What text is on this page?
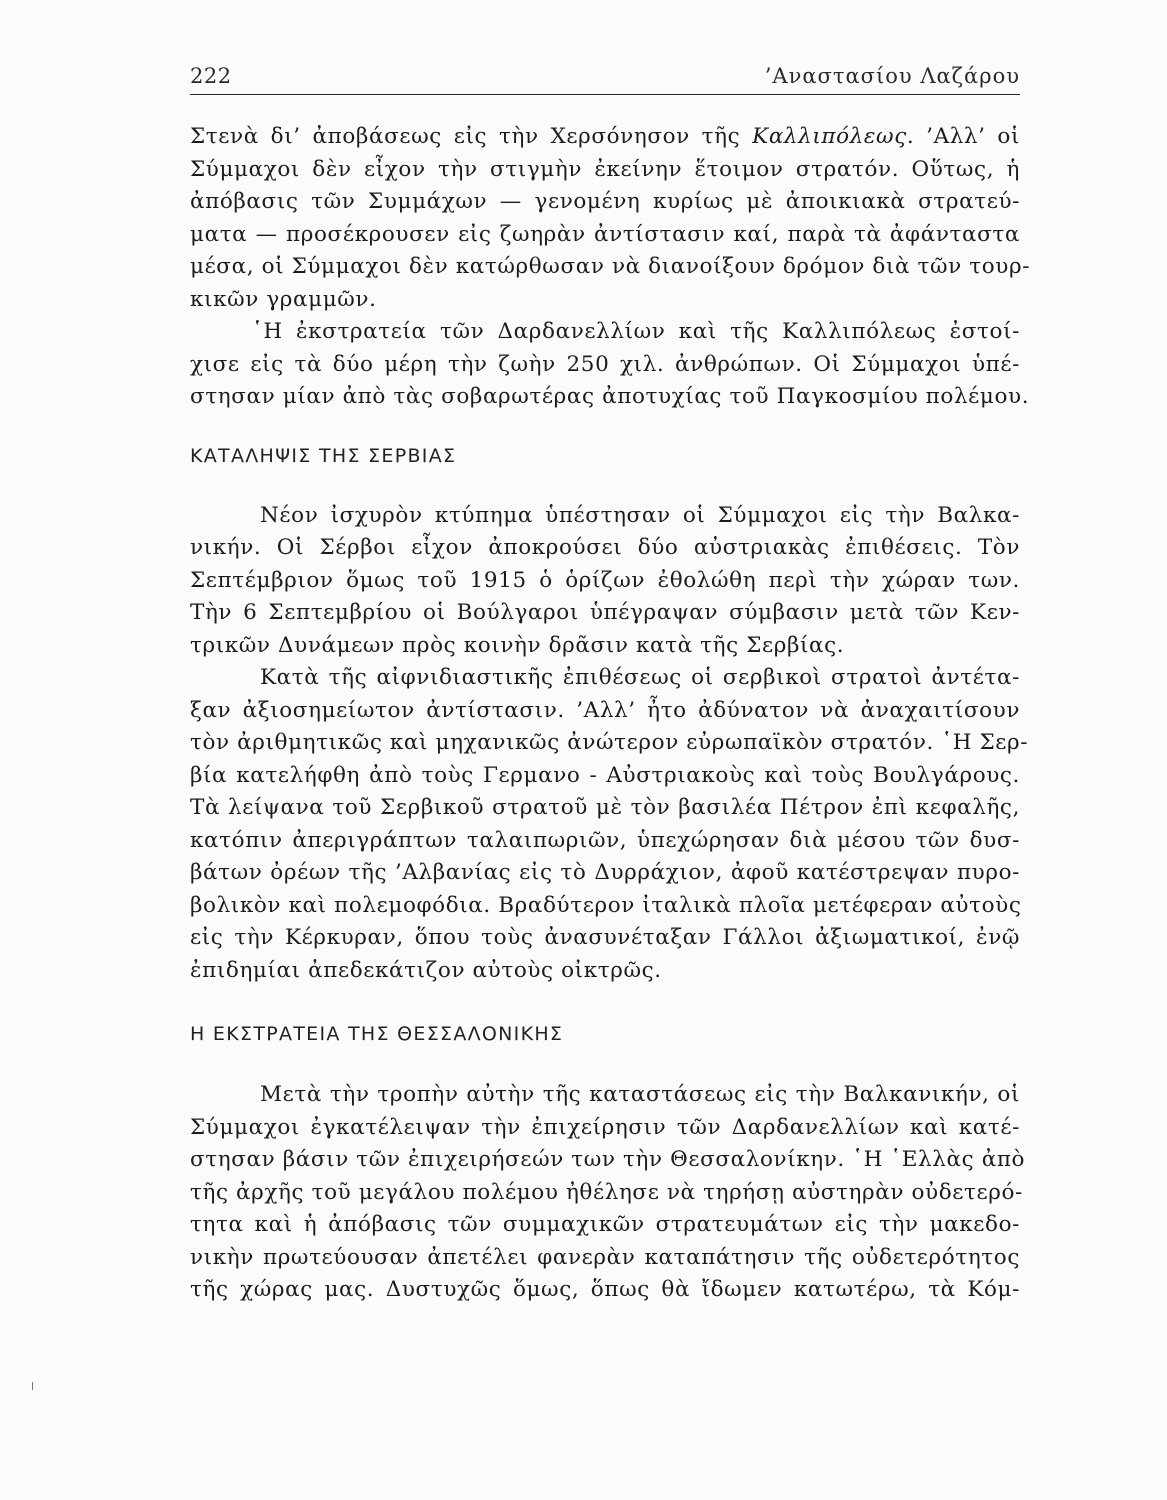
222	’Αναστασίου Λαζάρου
Στενὰ δι’ ἀποβάσεως εἰς τὴν Χερσόνησον τῆς Καλλιπόλεως. ’Αλλ’ οἱ
Σύμμαχοι δὲν εἶχον τὴν στιγμὴν ἐκείνην ἕτοιμον στρατόν. Οὕτως, ἡ
ἀπόβασις τῶν Συμμάχων — γενομένη κυρίως μὲ ἀποικιακὰ στρατεύ-
ματα — προσέκρουσεν εἰς ζωηρὰν ἀντίστασιν καί, παρὰ τὰ ἀφάνταστα
μέσα, οἱ Σύμμαχοι δὲν κατώρθωσαν νὰ διανοίξουν δρόμον διὰ τῶν τουρ-
κικῶν γραμμῶν.
῾Η ἐκστρατεία τῶν Δαρδανελλίων καὶ τῆς Καλλιπόλεως ἐστοί-
χισε εἰς τὰ δύο μέρη τὴν ζωὴν 250 χιλ. ἀνθρώπων. Οἱ Σύμμαχοι ὑπέ-
στησαν μίαν ἀπὸ τὰς σοβαρωτέρας ἀποτυχίας τοῦ Παγκοσμίου πολέμου.
ΚΑΤΑΛΗΨΙΣ ΤΗΣ ΣΕΡΒΙΑΣ
Νέον ἰσχυρὸν κτύπημα ὑπέστησαν οἱ Σύμμαχοι εἰς τὴν Βαλκα-
νικήν. Οἱ Σέρβοι εἶχον ἀποκρούσει δύο αὐστριακὰς ἐπιθέσεις. Τὸν
Σεπτέμβριον ὅμως τοῦ 1915 ὁ ὁρίζων ἐθολώθη περὶ τὴν χώραν των.
Τὴν 6 Σεπτεμβρίου οἱ Βούλγαροι ὑπέγραψαν σύμβασιν μετὰ τῶν Κεν-
τρικῶν Δυνάμεων πρὸς κοινὴν δρᾶσιν κατὰ τῆς Σερβίας.
Κατὰ τῆς αἰφνιδιαστικῆς ἐπιθέσεως οἱ σερβικοὶ στρατοὶ ἀντέτα-
ξαν ἀξιοσημείωτον ἀντίστασιν. ’Αλλ’ ἦτο ἀδύνατον νὰ ἀναχαιτίσουν
τὸν ἀριθμητικῶς καὶ μηχανικῶς ἀνώτερον εὐρωπαϊκὸν στρατόν. ῾Η Σερ-
βία κατελήφθη ἀπὸ τοὺς Γερμανο - Αὐστριακοὺς καὶ τοὺς Βουλγάρους.
Τὰ λείψανα τοῦ Σερβικοῦ στρατοῦ μὲ τὸν βασιλέα Πέτρον ἐπὶ κεφαλῆς,
κατόπιν ἀπεριγράπτων ταλαιπωριῶν, ὑπεχώρησαν διὰ μέσου τῶν δυσ-
βάτων ὀρέων τῆς ’Αλβανίας εἰς τὸ Δυρράχιον, ἀφοῦ κατέστρεψαν πυρο-
βολικὸν καὶ πολεμοφόδια. Βραδύτερον ἰταλικὰ πλοῖα μετέφεραν αὐτοὺς
εἰς τὴν Κέρκυραν, ὅπου τοὺς ἀνασυνέταξαν Γάλλοι ἀξιωματικοί, ἐνῷ
ἐπιδημίαι ἀπεδεκάτιζον αὐτοὺς οἰκτρῶς.
Η ΕΚΣΤΡΑΤΕΙΑ ΤΗΣ ΘΕΣΣΑΛΟΝΙΚΗΣ
Μετὰ τὴν τροπὴν αὐτὴν τῆς καταστάσεως εἰς τὴν Βαλκανικήν, οἱ
Σύμμαχοι ἐγκατέλειψαν τὴν ἐπιχείρησιν τῶν Δαρδανελλίων καὶ κατέ-
στησαν βάσιν τῶν ἐπιχειρήσεών των τὴν Θεσσαλονίκην. ῾Η ῾Ελλὰς ἀπὸ
τῆς ἀρχῆς τοῦ μεγάλου πολέμου ἠθέλησε νὰ τηρήσῃ αὐστηρὰν οὐδετερό-
τητα καὶ ἡ ἀπόβασις τῶν συμμαχικῶν στρατευμάτων εἰς τὴν μακεδο-
νικὴν πρωτεύουσαν ἀπετέλει φανερὰν καταπάτησιν τῆς οὐδετερότητος
τῆς χώρας μας. Δυστυχῶς ὅμως, ὅπως θὰ ἴδωμεν κατωτέρω, τὰ Κόμ-
